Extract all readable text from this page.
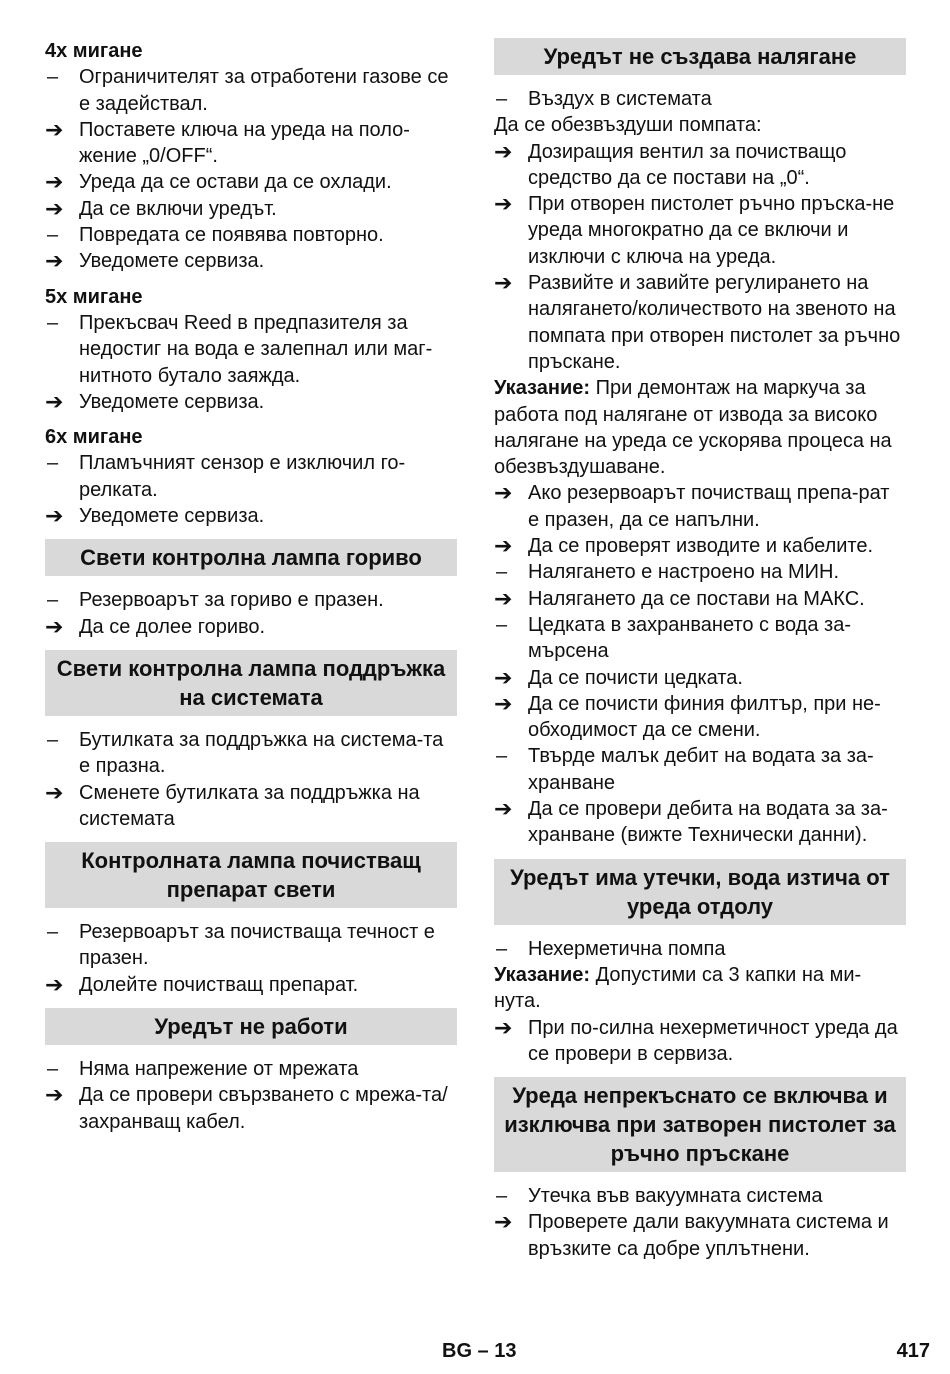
4x мигане

–	Ограничителят за отработени газове се е задействал.

➔ Поставете ключа на уреда на поло-жение „0/OFF“.

➔ Уреда да се остави да се охлади.

➔ Да се включи уредът.

–	Повредата се появява повторно.

➔ Уведомете сервиза.

5x мигане

–	Прекъсвач Reed в предпазителя за недостиг на вода е залепнал или маг-нитното бутало заяжда.

➔ Уведомете сервиза.

6x мигане

–	Пламъчният сензор е изключил го-релката.

➔ Уведомете сервиза.

Свети контролна лампа гориво

–	Резервоарът за гориво е празен.

➔ Да се долее гориво.

Свети контролна лампа поддръжка на системата

–	Бутилката за поддръжка на система-та е празна.

➔ Сменете бутилката за поддръжка на системата

Контролната лампа почистващ препарат свети

–	Резервоарът за почистваща течност е празен.

➔ Долейте почистващ препарат.

Уредът не работи

–	Няма напрежение от мрежата

➔ Да се провери свързването с мрежа-та/захранващ кабел.

Уредът не създава налягане

–	Въздух в системата

Да се обезвъздуши помпата:

➔ Дозиращия вентил за почистващо средство да се постави на „0“.

➔ При отворен пистолет ръчно пръска-не уреда многократно да се включи и изключи с ключа на уреда.

➔ Развийте и завийте регулирането на налягането/количеството на звеното на помпата при отворен пистолет за ръчно пръскане.

Указание: При демонтаж на маркуча за работа под налягане от извода за високо налягане на уреда се ускорява процеса на обезвъздушаване.

➔ Ако резервоарът почистващ препа-рат е празен, да се напълни.

➔ Да се проверят изводите и кабелите.

–	Налягането е настроено на МИН.

➔ Налягането да се постави на МАКС.

–	Цедката в захранването с вода за-мърсена

➔ Да се почисти цедката.

➔ Да се почисти финия филтър, при не-обходимост да се смени.

–	Твърде малък дебит на водата за за-хранване

➔ Да се провери дебита на водата за за-хранване (вижте Технически данни).

Уредът има утечки, вода изтича от уреда отдолу

–	Нехерметична помпа

Указание: Допустими са 3 капки на ми-нута.

➔ При по-силна нехерметичност уреда да се провери в сервиза.

Уреда непрекъснато се включва и изключва при затворен пистолет за ръчно пръскане

–	Утечка във вакуумната система

➔ Проверете дали вакуумната система и връзките са добре уплътнени.

BG – 13	417
